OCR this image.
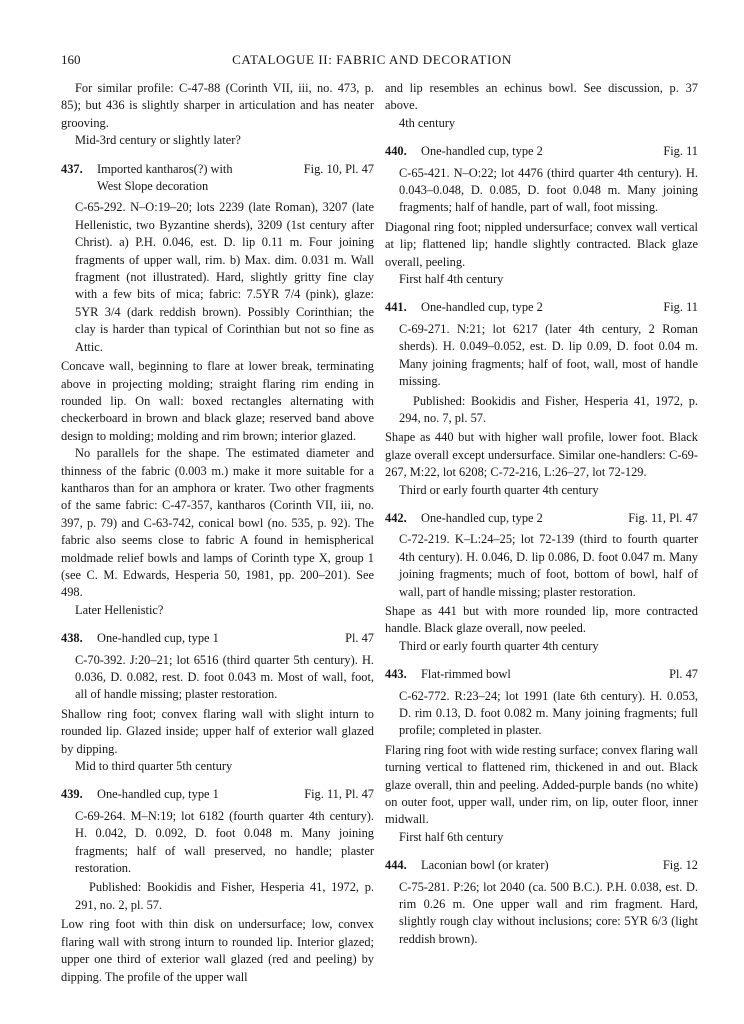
160	CATALOGUE II: FABRIC AND DECORATION

For similar profile: C-47-88 (Corinth VII, iii, no. 473, p. 85); but 436 is slightly sharper in articulation and has neater grooving.

Mid-3rd century or slightly later?

437.	Imported kantharos(?) with	Fig. 10, Pl. 47
West Slope decoration

C-65-292. N–O:19–20; lots 2239 (late Roman), 3207 (late Hellenistic, two Byzantine sherds), 3209 (1st century after Christ). a) P.H. 0.046, est. D. lip 0.11 m. Four joining fragments of upper wall, rim. b) Max. dim. 0.031 m. Wall fragment (not illustrated). Hard, slightly gritty fine clay with a few bits of mica; fabric: 7.5YR 7/4 (pink), glaze: 5YR 3/4 (dark reddish brown). Possibly Corinthian; the clay is harder than typical of Corinthian but not so fine as Attic.

Concave wall, beginning to flare at lower break, terminating above in projecting molding; straight flaring rim ending in rounded lip. On wall: boxed rectangles alternating with checkerboard in brown and black glaze; reserved band above design to molding; molding and rim brown; interior glazed.

No parallels for the shape. The estimated diameter and thinness of the fabric (0.003 m.) make it more suitable for a kantharos than for an amphora or krater. Two other fragments of the same fabric: C-47-357, kantharos (Corinth VII, iii, no. 397, p. 79) and C-63-742, conical bowl (no. 535, p. 92). The fabric also seems close to fabric A found in hemispherical moldmade relief bowls and lamps of Corinth type X, group 1 (see C. M. Edwards, Hesperia 50, 1981, pp. 200–201). See 498.

Later Hellenistic?

438.	One-handled cup, type 1	Pl. 47

C-70-392. J:20–21; lot 6516 (third quarter 5th century). H. 0.036, D. 0.082, rest. D. foot 0.043 m. Most of wall, foot, all of handle missing; plaster restoration.

Shallow ring foot; convex flaring wall with slight inturn to rounded lip. Glazed inside; upper half of exterior wall glazed by dipping.

Mid to third quarter 5th century

439.	One-handled cup, type 1	Fig. 11, Pl. 47

C-69-264. M–N:19; lot 6182 (fourth quarter 4th century). H. 0.042, D. 0.092, D. foot 0.048 m. Many joining fragments; half of wall preserved, no handle; plaster restoration.

Published: Bookidis and Fisher, Hesperia 41, 1972, p. 291, no. 2, pl. 57.

Low ring foot with thin disk on undersurface; low, convex flaring wall with strong inturn to rounded lip. Interior glazed; upper one third of exterior wall glazed (red and peeling) by dipping. The profile of the upper wall

and lip resembles an echinus bowl. See discussion, p. 37 above.

4th century

440.	One-handled cup, type 2	Fig. 11

C-65-421. N–O:22; lot 4476 (third quarter 4th century). H. 0.043–0.048, D. 0.085, D. foot 0.048 m. Many joining fragments; half of handle, part of wall, foot missing.

Diagonal ring foot; nippled undersurface; convex wall vertical at lip; flattened lip; handle slightly contracted. Black glaze overall, peeling.

First half 4th century

441.	One-handled cup, type 2	Fig. 11

C-69-271. N:21; lot 6217 (later 4th century, 2 Roman sherds). H. 0.049–0.052, est. D. lip 0.09, D. foot 0.04 m. Many joining fragments; half of foot, wall, most of handle missing.

Published: Bookidis and Fisher, Hesperia 41, 1972, p. 294, no. 7, pl. 57.

Shape as 440 but with higher wall profile, lower foot. Black glaze overall except undersurface. Similar one-handlers: C-69-267, M:22, lot 6208; C-72-216, L:26–27, lot 72-129.

Third or early fourth quarter 4th century

442.	One-handled cup, type 2	Fig. 11, Pl. 47

C-72-219. K–L:24–25; lot 72-139 (third to fourth quarter 4th century). H. 0.046, D. lip 0.086, D. foot 0.047 m. Many joining fragments; much of foot, bottom of bowl, half of wall, part of handle missing; plaster restoration.

Shape as 441 but with more rounded lip, more contracted handle. Black glaze overall, now peeled.

Third or early fourth quarter 4th century

443.	Flat-rimmed bowl	Pl. 47

C-62-772. R:23–24; lot 1991 (late 6th century). H. 0.053, D. rim 0.13, D. foot 0.082 m. Many joining fragments; full profile; completed in plaster.

Flaring ring foot with wide resting surface; convex flaring wall turning vertical to flattened rim, thickened in and out. Black glaze overall, thin and peeling. Added-purple bands (no white) on outer foot, upper wall, under rim, on lip, outer floor, inner midwall.

First half 6th century

444.	Laconian bowl (or krater)	Fig. 12

C-75-281. P:26; lot 2040 (ca. 500 B.C.). P.H. 0.038, est. D. rim 0.26 m. One upper wall and rim fragment. Hard, slightly rough clay without inclusions; core: 5YR 6/3 (light reddish brown).
